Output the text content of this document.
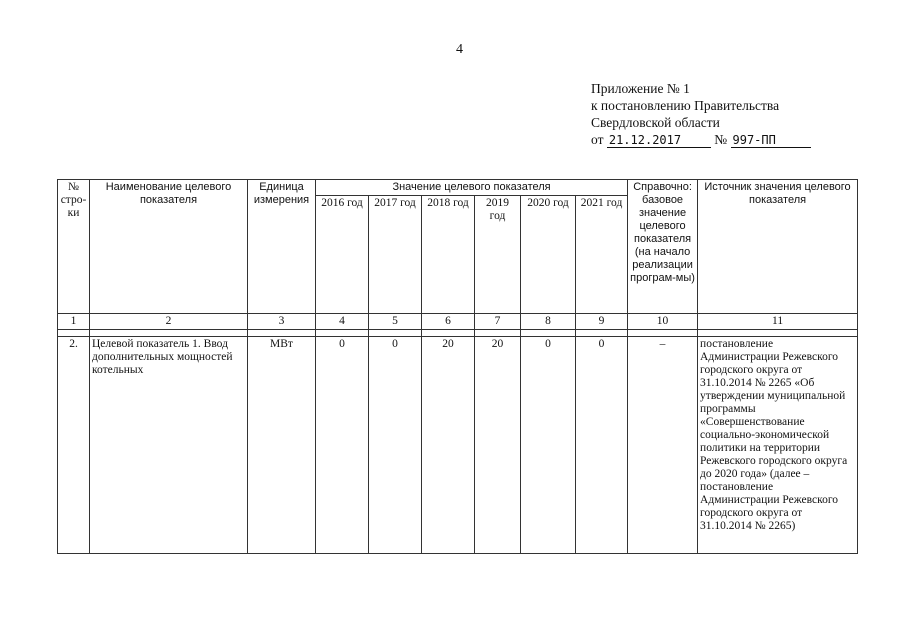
4
Приложение № 1
к постановлению Правительства
Свердловской области
от 21.12.2017 № 997-ПП
№ стро-ки	Наименование целевого показателя	Единица измерения	Значение целевого показателя						Справочно: базовое значение целевого показателя (на начало реализации програм-мы)	Источник значения целевого показателя
			2016 год	2017 год	2018 год	2019 год	2020 год	2021 год		
1	2	3	4	5	6	7	8	9	10	11

2.	Целевой показатель 1. Ввод дополнительных мощностей котельных	МВт	0	0	20	20	0	0	–	постановление Администрации Режевского городского округа от 31.10.2014 № 2265 «Об утверждении муниципальной программы «Совершенствование социально-экономической политики на территории Режевского городского округа до 2020 года» (далее – постановление Администрации Режевского городского округа от 31.10.2014 № 2265)
